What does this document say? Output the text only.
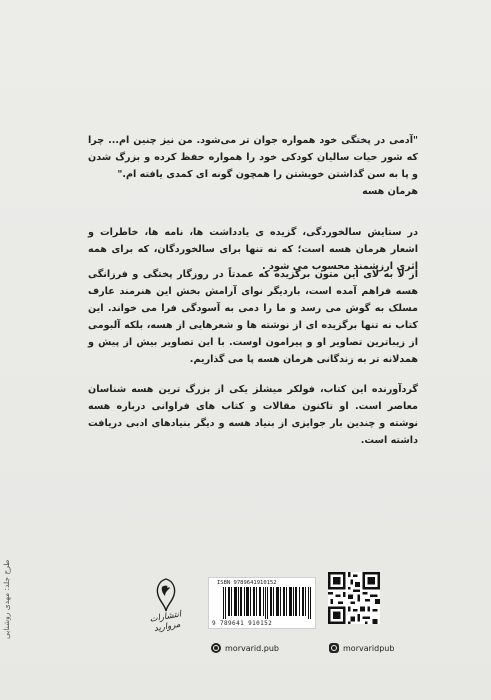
"آدمی در پختگی خود همواره جوان تر می‌شود. من نیز چنین ام... چرا که شور حیات سالیان کودکی خود را همواره حفظ کرده و بزرگ شدن و پا به سن گذاشتن خویشتن را همچون گونه ای کمدی یافته ام."
هرمان هسه
در ستایش سالخوردگی، گزیده ی یادداشت ها، نامه ها، خاطرات و اشعار هرمان هسه است؛ که نه تنها برای سالخوردگان، که برای همه اثری ارزشمند محسوب می شود .
از لا به لای این متون برگزیده که عمدتاً در روزگار پختگی و فرزانگی هسه فراهم آمده است، باردیگر نوای آرامش بخش این هنرمند عارف مسلک به گوش می رسد و ما را دمی به آسودگی فرا می خواند. این کتاب نه تنها برگزیده ای از نوشته ها و شعرهایی از هسه، بلکه آلبومی از زیباترین تصاویر او و پیرامون اوست. با این تصاویر بیش از پیش و همدلانه تر به زندگانی هرمان هسه پا می گذاریم.
گردآورنده این کتاب، فولکر میشلز یکی از بزرگ ترین هسه شناسان معاصر است. او تاکنون مقالات و کتاب های فراوانی درباره هسه نوشته و چندین بار جوایزی از بنیاد هسه و دیگر بنیادهای ادبی دریافت داشته است.
طرح جلد: مهدی روشنایی	انتشارات مروارید
ISBN 9789641910152
9 789641 910152
morvarid.pub	morvaridpub
